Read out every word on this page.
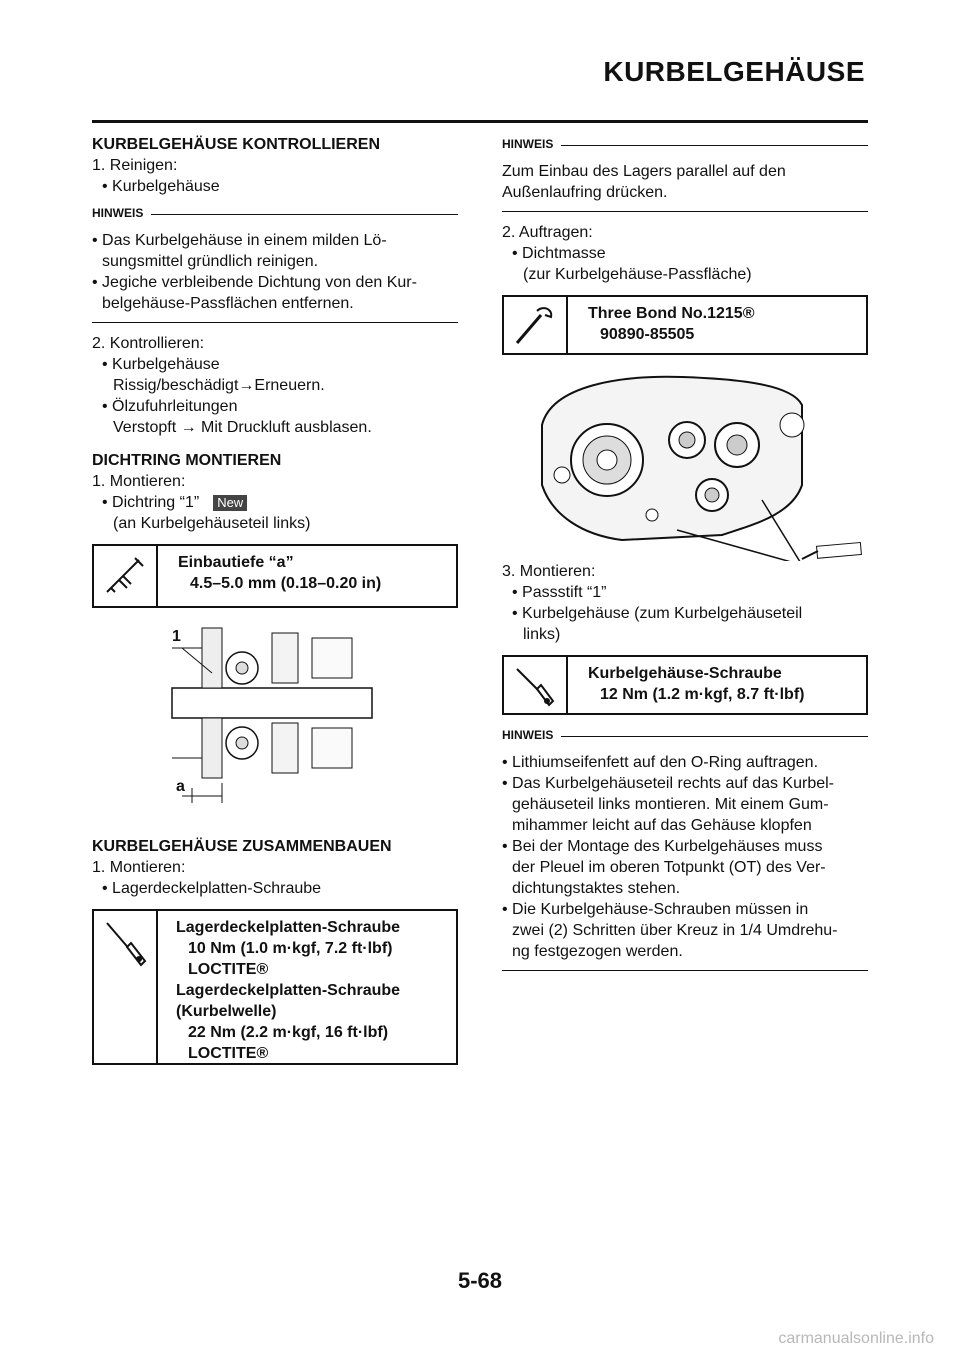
KURBELGEHÄUSE

KURBELGEHÄUSE KONTROLLIEREN

1. Reinigen:

• Kurbelgehäuse

HINWEIS

• Das Kurbelgehäuse in einem milden Lö-

sungsmittel gründlich reinigen.

• Jegiche verbleibende Dichtung von den Kur-

belgehäuse-Passflächen entfernen.

2. Kontrollieren:

• Kurbelgehäuse

Rissig/beschädigt→Erneuern.

• Ölzufuhrleitungen

Verstopft → Mit Druckluft ausblasen.

DICHTRING MONTIEREN

1. Montieren:

• Dichtring “1” New

(an Kurbelgehäuseteil links)

Einbautiefe “a”
4.5–5.0 mm (0.18–0.20 in)
1
a

KURBELGEHÄUSE ZUSAMMENBAUEN

1. Montieren:

• Lagerdeckelplatten-Schraube

Lagerdeckelplatten-Schraube
10 Nm (1.0 m·kgf, 7.2 ft·lbf)
LOCTITE®
Lagerdeckelplatten-Schraube
(Kurbelwelle)
22 Nm (2.2 m·kgf, 16 ft·lbf)
LOCTITE®
HINWEIS

Zum Einbau des Lagers parallel auf den

Außenlaufring drücken.

2. Auftragen:

• Dichtmasse

(zur Kurbelgehäuse-Passfläche)

Three Bond No.1215®
90890-85505

3. Montieren:

• Passstift “1”

• Kurbelgehäuse (zum Kurbelgehäuseteil

links)

Kurbelgehäuse-Schraube
12 Nm (1.2 m·kgf, 8.7 ft·lbf)
HINWEIS

• Lithiumseifenfett auf den O-Ring auftragen.

• Das Kurbelgehäuseteil rechts auf das Kurbel-

gehäuseteil links montieren. Mit einem Gum-

mihammer leicht auf das Gehäuse klopfen

• Bei der Montage des Kurbelgehäuses muss

der Pleuel im oberen Totpunkt (OT) des Ver-

dichtungstaktes stehen.

• Die Kurbelgehäuse-Schrauben müssen in

zwei (2) Schritten über Kreuz in 1/4 Umdrehu-

ng festgezogen werden.

5-68
carmanualsonline.info
